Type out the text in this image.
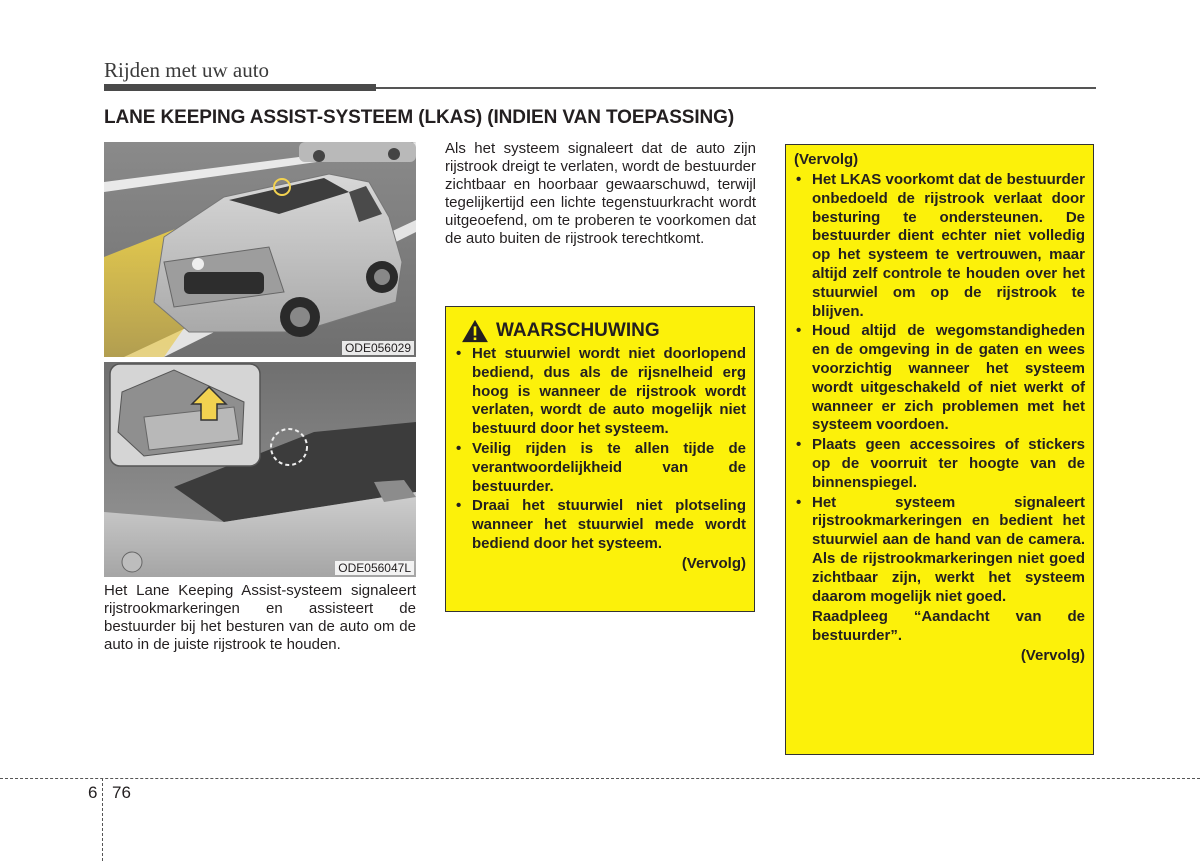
Rijden met uw auto
LANE KEEPING ASSIST-SYSTEEM (LKAS) (INDIEN VAN TOEPASSING)
ODE056029
ODE056047L
Het Lane Keeping Assist-systeem signaleert rijstrookmarkeringen en assisteert de bestuurder bij het besturen van de auto om de auto in de juiste rijstrook te houden.
Als het systeem signaleert dat de auto zijn rijstrook dreigt te verlaten, wordt de bestuurder zichtbaar en hoorbaar gewaarschuwd, terwijl tegelijkertijd een lichte tegenstuurkracht wordt uitgeoefend, om te proberen te voorkomen dat de auto buiten de rijstrook terechtkomt.
WAARSCHUWING
• Het stuurwiel wordt niet doorlopend bediend, dus als de rijsnelheid erg hoog is wanneer de rijstrook wordt verlaten, wordt de auto mogelijk niet bestuurd door het systeem.
• Veilig rijden is te allen tijde de verantwoordelijkheid van de bestuurder.
• Draai het stuurwiel niet plotseling wanneer het stuurwiel mede wordt bediend door het systeem.
(Vervolg)
(Vervolg)
• Het LKAS voorkomt dat de bestuurder onbedoeld de rijstrook verlaat door besturing te ondersteunen. De bestuurder dient echter niet volledig op het systeem te vertrouwen, maar altijd zelf controle te houden over het stuurwiel om op de rijstrook te blijven.
• Houd altijd de wegomstandigheden en de omgeving in de gaten en wees voorzichtig wanneer het systeem wordt uitgeschakeld of niet werkt of wanneer er zich problemen met het systeem voordoen.
• Plaats geen accessoires of stickers op de voorruit ter hoogte van de binnenspiegel.
• Het systeem signaleert rijstrookmarkeringen en bedient het stuurwiel aan de hand van de camera. Als de rijstrookmarkeringen niet goed zichtbaar zijn, werkt het systeem daarom mogelijk niet goed.
Raadpleeg “Aandacht van de bestuurder”.
(Vervolg)
6 76
